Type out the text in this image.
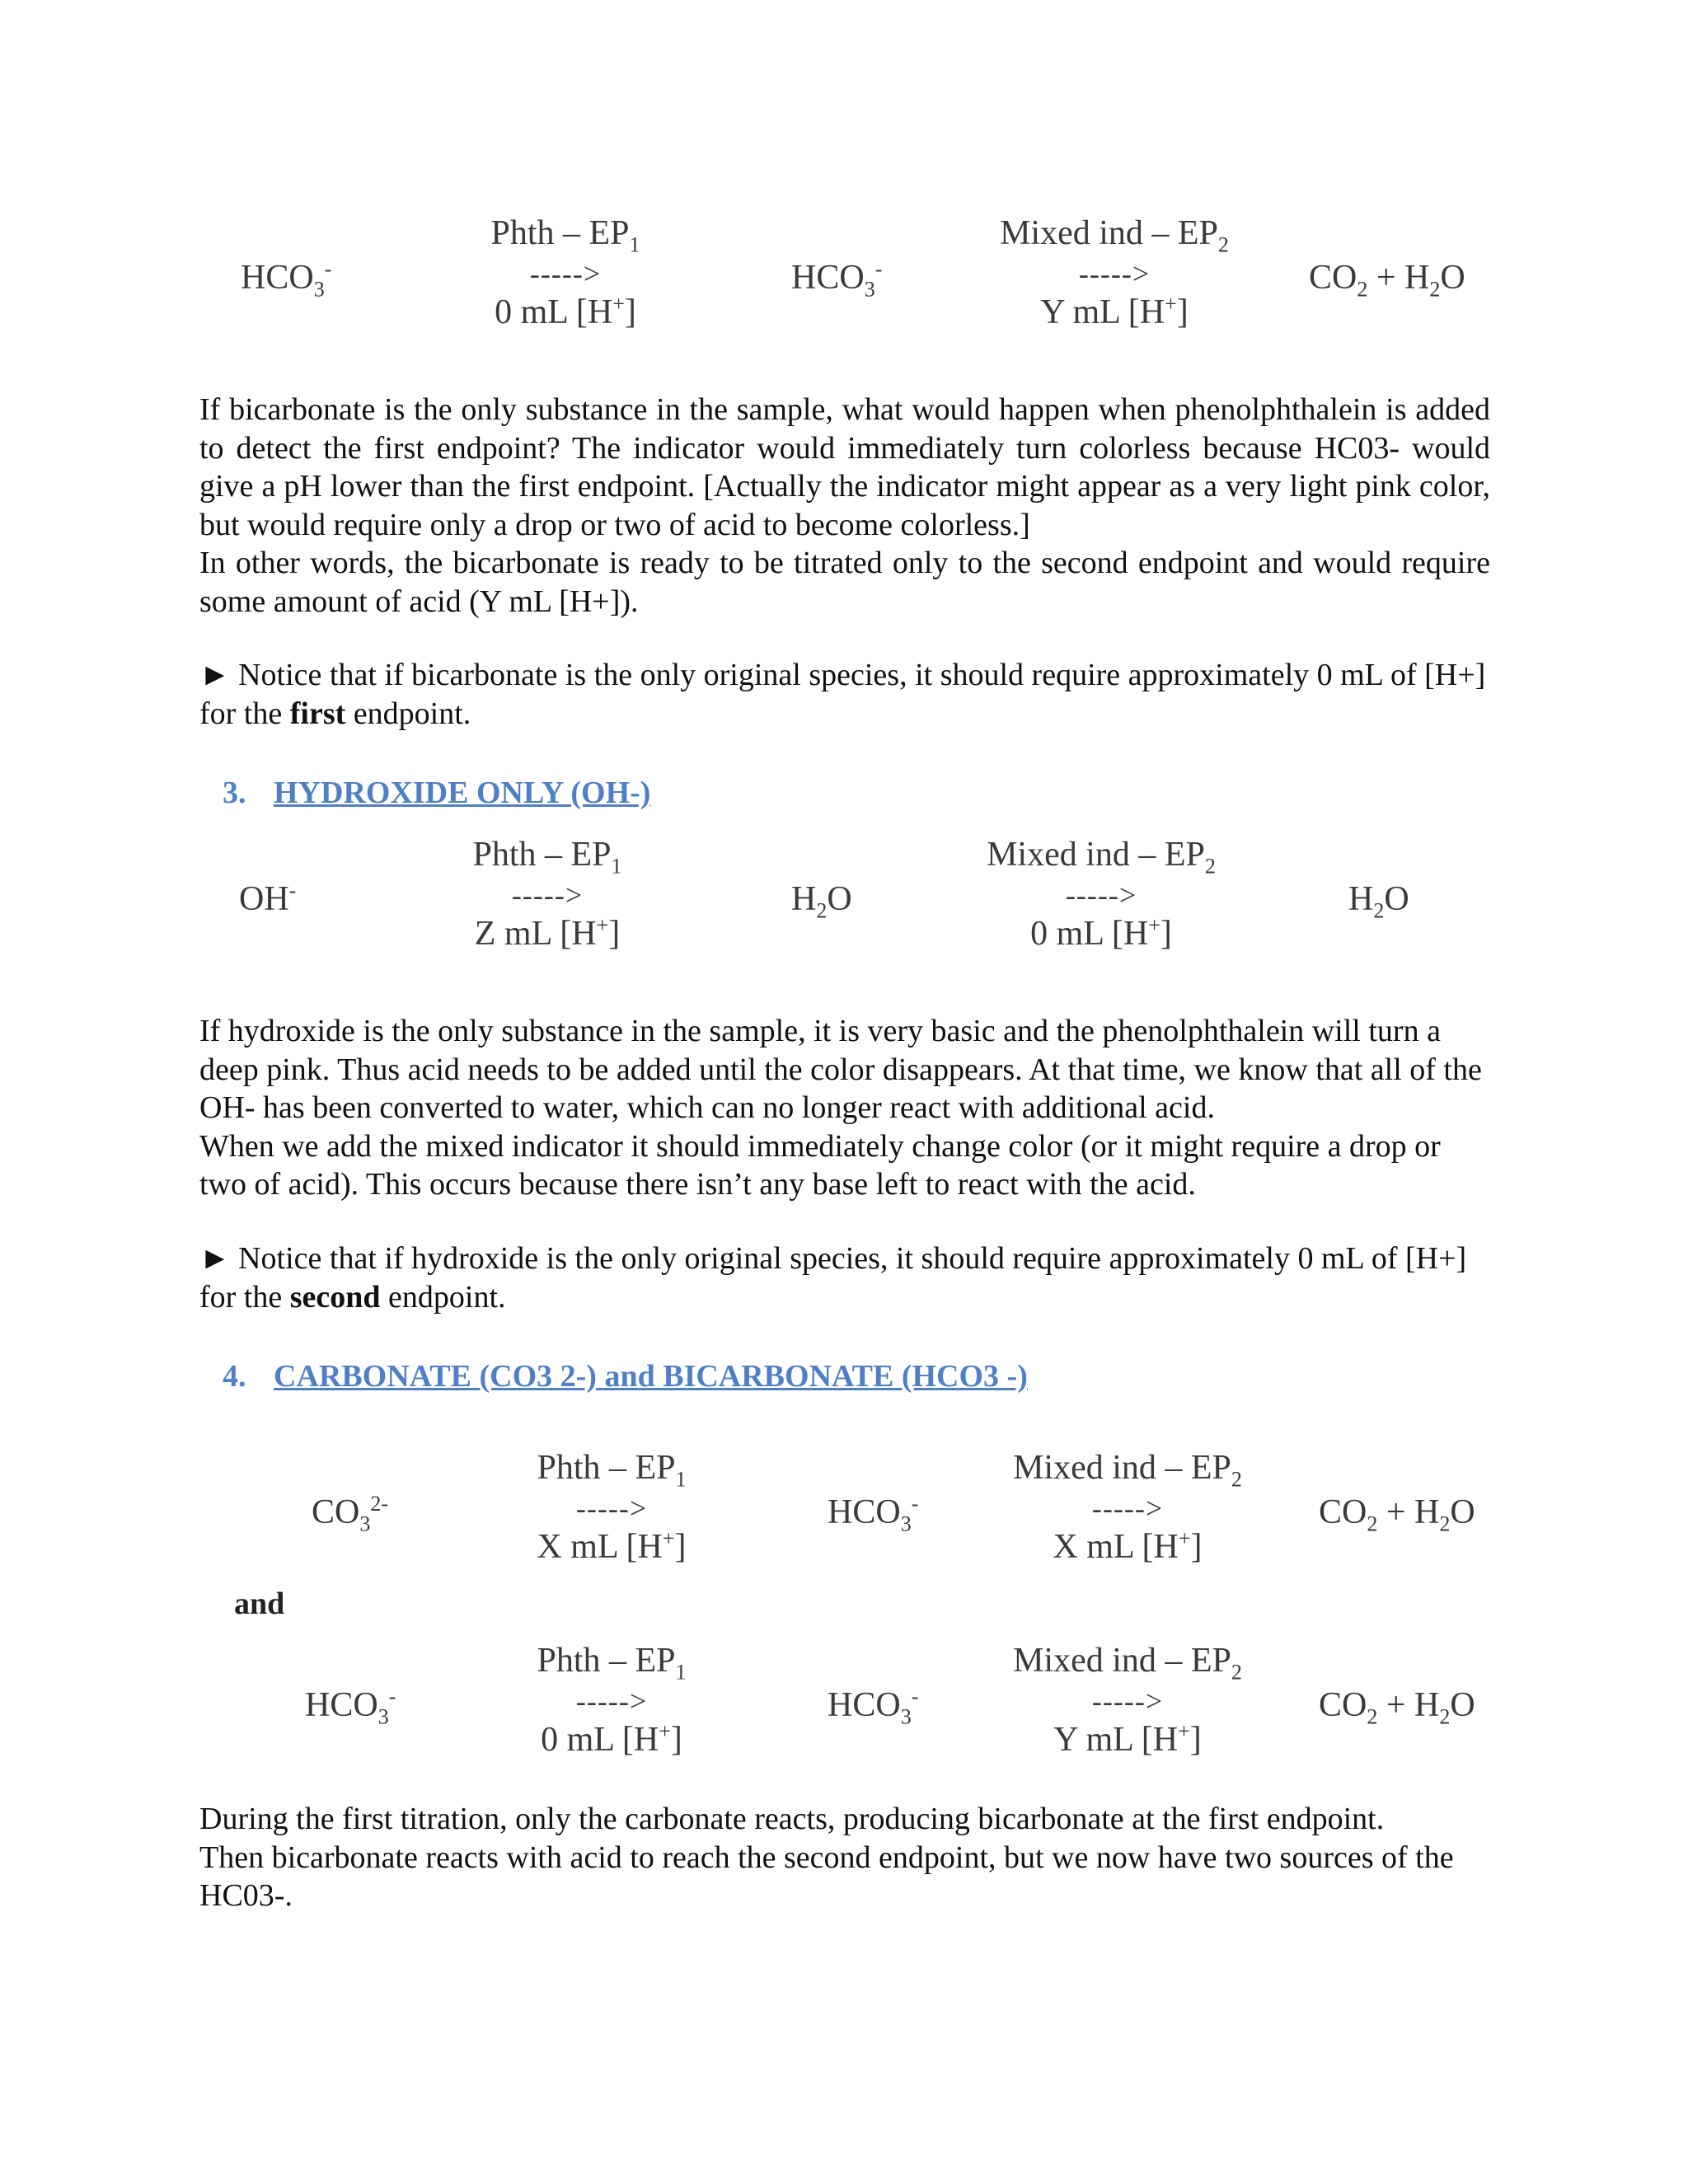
$HCO_3^-$
Phth – $EP_1$
----->
0 mL [H+]
$HCO_3^-$
Mixed ind – $EP_2$
----->
Y mL [H+]
$CO_2 + H_2O$

If bicarbonate is the only substance in the sample, what would happen when phenolphthalein is added to detect the first endpoint? The indicator would immediately turn colorless because HC03- would give a pH lower than the first endpoint. [Actually the indicator might appear as a very light pink color, but would require only a drop or two of acid to become colorless.]

In other words, the bicarbonate is ready to be titrated only to the second endpoint and would require some amount of acid (Y mL [H+]).

► Notice that if bicarbonate is the only original species, it should require approximately 0 mL of [H+] for the first endpoint.

3. HYDROXIDE ONLY (OH-)
OH-
Phth – $EP_1$
----->
Z mL [H+]
$H_2O$
Mixed ind – $EP_2$
----->
0 mL [H+]
$H_2O$

If hydroxide is the only substance in the sample, it is very basic and the phenolphthalein will turn a deep pink. Thus acid needs to be added until the color disappears. At that time, we know that all of the OH- has been converted to water, which can no longer react with additional acid.

When we add the mixed indicator it should immediately change color (or it might require a drop or two of acid). This occurs because there isn’t any base left to react with the acid.

► Notice that if hydroxide is the only original species, it should require approximately 0 mL of [H+] for the second endpoint.

4. CARBONATE (CO3 2-) and BICARBONATE (HCO3 -)
$CO_3^{2-}$
Phth – $EP_1$
----->
X mL [H+]
$HCO_3^-$
Mixed ind – $EP_2$
----->
X mL [H+]
$CO_2 + H_2O$
and
$HCO_3^-$
Phth – $EP_1$
----->
0 mL [H+]
$HCO_3^-$
Mixed ind – $EP_2$
----->
Y mL [H+]
$CO_2 + H_2O$

During the first titration, only the carbonate reacts, producing bicarbonate at the first endpoint.

Then bicarbonate reacts with acid to reach the second endpoint, but we now have two sources of the HC03-.
